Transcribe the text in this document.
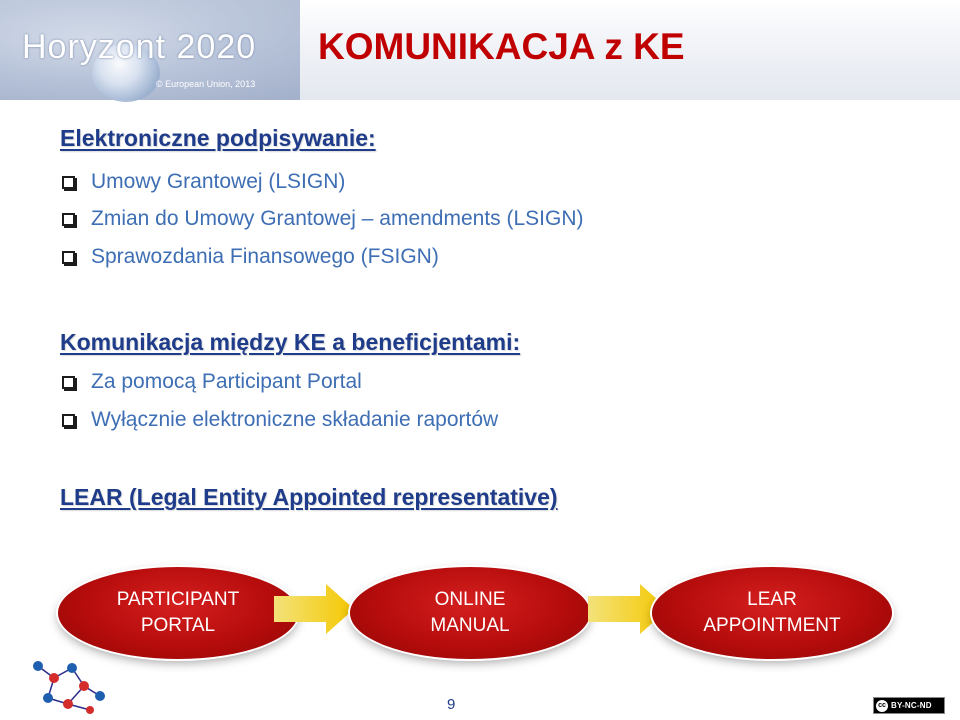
Horyzont 2020
© European Union, 2013
KOMUNIKACJA z KE
Elektroniczne podpisywanie:
Umowy Grantowej (LSIGN)
Zmian do Umowy Grantowej – amendments (LSIGN)
Sprawozdania Finansowego (FSIGN)
Komunikacja między KE a beneficjentami:
Za pomocą Participant Portal
Wyłącznie elektroniczne składanie raportów
LEAR (Legal Entity Appointed representative)
PARTICIPANT
PORTAL
ONLINE
MANUAL
LEAR
APPOINTMENT
9	cc BY-NC-ND
